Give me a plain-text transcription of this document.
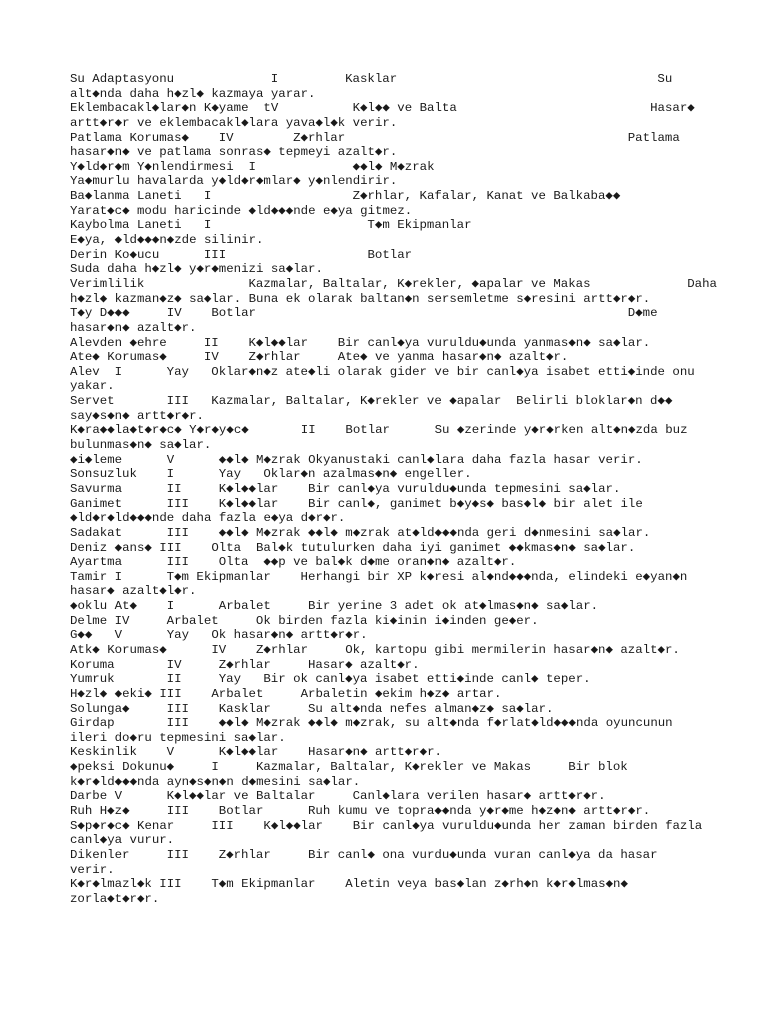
Su Adaptasyonu             I         Kasklar                                   Su
alt◆nda daha h◆zl◆ kazmaya yarar.
Eklembacakl◆lar◆n K◆yame  tV          K◆l◆◆ ve Balta                          Hasar◆
artt◆r◆r ve eklembacakl◆lara yava◆l◆k verir.
Patlama Korumas◆    IV        Z◆rhlar                                      Patlama
hasar◆n◆ ve patlama sonras◆ tepmeyi azalt◆r.
Y◆ld◆r◆m Y◆nlendirmesi  I             ◆◆l◆ M◆zrak
Ya◆murlu havalarda y◆ld◆r◆mlar◆ y◆nlendirir.
Ba◆lanma Laneti   I                   Z◆rhlar, Kafalar, Kanat ve Balkaba◆◆
Yarat◆c◆ modu haricinde ◆ld◆◆◆nde e◆ya gitmez.
Kaybolma Laneti   I                     T◆m Ekipmanlar
E◆ya, ◆ld◆◆◆n◆zde silinir.
Derin Ko◆ucu      III                   Botlar
Suda daha h◆zl◆ y◆r◆menizi sa◆lar.
Verimlilik              Kazmalar, Baltalar, K◆rekler, ◆apalar ve Makas             Daha
h◆zl◆ kazman◆z◆ sa◆lar. Buna ek olarak baltan◆n sersemletme s◆resini artt◆r◆r.
T◆y D◆◆◆     IV    Botlar                                                  D◆me
hasar◆n◆ azalt◆r.
Alevden ◆ehre     II    K◆l◆◆lar    Bir canl◆ya vuruldu◆unda yanmas◆n◆ sa◆lar.
Ate◆ Korumas◆     IV    Z◆rhlar     Ate◆ ve yanma hasar◆n◆ azalt◆r.
Alev  I      Yay   Oklar◆n◆z ate◆li olarak gider ve bir canl◆ya isabet etti◆inde onu
yakar.
Servet       III   Kazmalar, Baltalar, K◆rekler ve ◆apalar  Belirli bloklar◆n d◆◆
say◆s◆n◆ artt◆r◆r.
K◆ra◆◆la◆t◆r◆c◆ Y◆r◆y◆c◆       II    Botlar      Su ◆zerinde y◆r◆rken alt◆n◆zda buz
bulunmas◆n◆ sa◆lar.
◆i◆leme      V      ◆◆l◆ M◆zrak Okyanustaki canl◆lara daha fazla hasar verir.
Sonsuzluk    I      Yay   Oklar◆n azalmas◆n◆ engeller.
Savurma      II     K◆l◆◆lar    Bir canl◆ya vuruldu◆unda tepmesini sa◆lar.
Ganimet      III    K◆l◆◆lar    Bir canl◆, ganimet b◆y◆s◆ bas◆l◆ bir alet ile
◆ld◆r◆ld◆◆◆nde daha fazla e◆ya d◆r◆r.
Sadakat      III    ◆◆l◆ M◆zrak ◆◆l◆ m◆zrak at◆ld◆◆◆nda geri d◆nmesini sa◆lar.
Deniz ◆ans◆ III    Olta  Bal◆k tutulurken daha iyi ganimet ◆◆kmas◆n◆ sa◆lar.
Ayartma      III    Olta  ◆◆p ve bal◆k d◆me oran◆n◆ azalt◆r.
Tamir I      T◆m Ekipmanlar    Herhangi bir XP k◆resi al◆nd◆◆◆nda, elindeki e◆yan◆n
hasar◆ azalt◆l◆r.
◆oklu At◆    I      Arbalet     Bir yerine 3 adet ok at◆lmas◆n◆ sa◆lar.
Delme IV     Arbalet     Ok birden fazla ki◆inin i◆inden ge◆er.
G◆◆   V      Yay   Ok hasar◆n◆ artt◆r◆r.
Atk◆ Korumas◆      IV    Z◆rhlar     Ok, kartopu gibi mermilerin hasar◆n◆ azalt◆r.
Koruma       IV     Z◆rhlar     Hasar◆ azalt◆r.
Yumruk       II     Yay   Bir ok canl◆ya isabet etti◆inde canl◆ teper.
H◆zl◆ ◆eki◆ III    Arbalet     Arbaletin ◆ekim h◆z◆ artar.
Solunga◆     III    Kasklar     Su alt◆nda nefes alman◆z◆ sa◆lar.
Girdap       III    ◆◆l◆ M◆zrak ◆◆l◆ m◆zrak, su alt◆nda f◆rlat◆ld◆◆◆nda oyuncunun
ileri do◆ru tepmesini sa◆lar.
Keskinlik    V      K◆l◆◆lar    Hasar◆n◆ artt◆r◆r.
◆peksi Dokunu◆     I     Kazmalar, Baltalar, K◆rekler ve Makas     Bir blok
k◆r◆ld◆◆◆nda ayn◆s◆n◆n d◆mesini sa◆lar.
Darbe V      K◆l◆◆lar ve Baltalar     Canl◆lara verilen hasar◆ artt◆r◆r.
Ruh H◆z◆     III    Botlar      Ruh kumu ve topra◆◆nda y◆r◆me h◆z◆n◆ artt◆r◆r.
S◆p◆r◆c◆ Kenar     III    K◆l◆◆lar    Bir canl◆ya vuruldu◆unda her zaman birden fazla
canl◆ya vurur.
Dikenler     III    Z◆rhlar     Bir canl◆ ona vurdu◆unda vuran canl◆ya da hasar
verir.
K◆r◆lmazl◆k III    T◆m Ekipmanlar    Aletin veya bas◆lan z◆rh◆n k◆r◆lmas◆n◆
zorla◆t◆r◆r.
